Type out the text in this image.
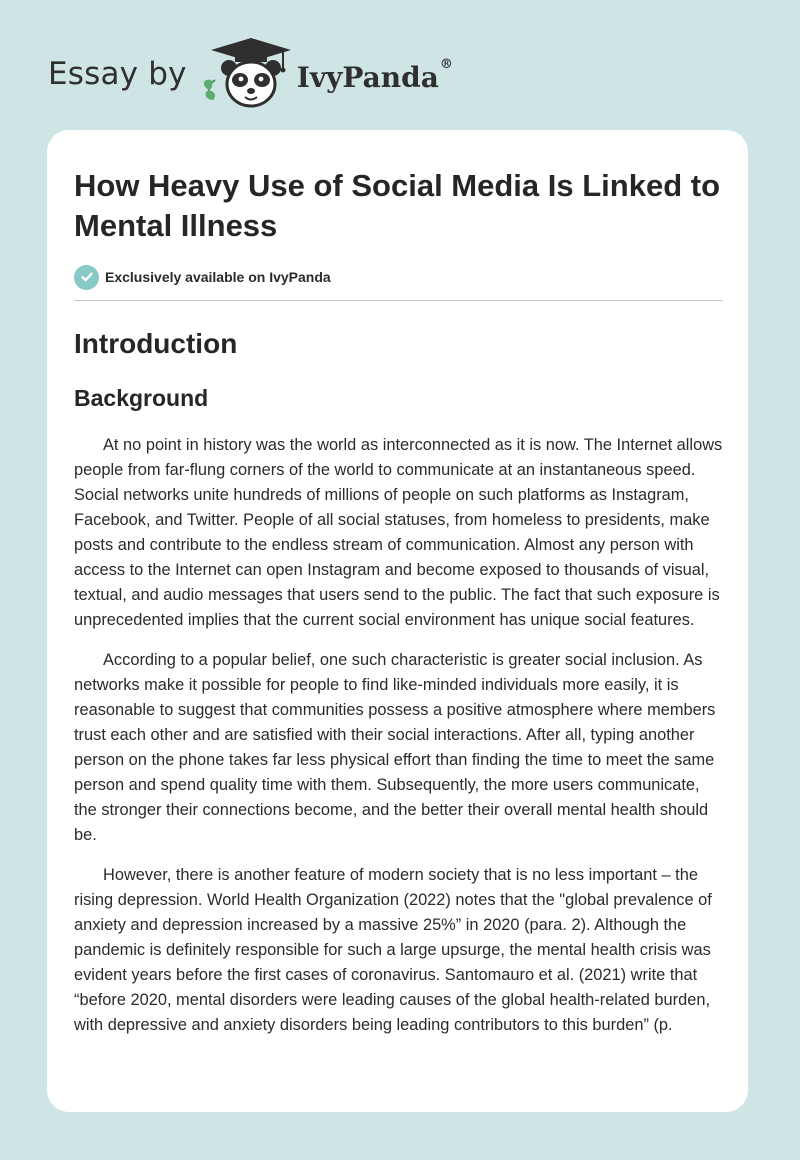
Essay by	IvyPanda®
How Heavy Use of Social Media Is Linked to Mental Illness
Exclusively available on IvyPanda
Introduction
Background

At no point in history was the world as interconnected as it is now. The Internet allows people from far-flung corners of the world to communicate at an instantaneous speed. Social networks unite hundreds of millions of people on such platforms as Instagram, Facebook, and Twitter. People of all social statuses, from homeless to presidents, make posts and contribute to the endless stream of communication. Almost any person with access to the Internet can open Instagram and become exposed to thousands of visual, textual, and audio messages that users send to the public. The fact that such exposure is unprecedented implies that the current social environment has unique social features.

According to a popular belief, one such characteristic is greater social inclusion. As networks make it possible for people to find like-minded individuals more easily, it is reasonable to suggest that communities possess a positive atmosphere where members trust each other and are satisfied with their social interactions. After all, typing another person on the phone takes far less physical effort than finding the time to meet the same person and spend quality time with them. Subsequently, the more users communicate, the stronger their connections become, and the better their overall mental health should be.

However, there is another feature of modern society that is no less important – the rising depression. World Health Organization (2022) notes that the "global prevalence of anxiety and depression increased by a massive 25%” in 2020 (para. 2). Although the pandemic is definitely responsible for such a large upsurge, the mental health crisis was evident years before the first cases of coronavirus. Santomauro et al. (2021) write that “before 2020, mental disorders were leading causes of the global health-related burden, with depressive and anxiety disorders being leading contributors to this burden” (p.
